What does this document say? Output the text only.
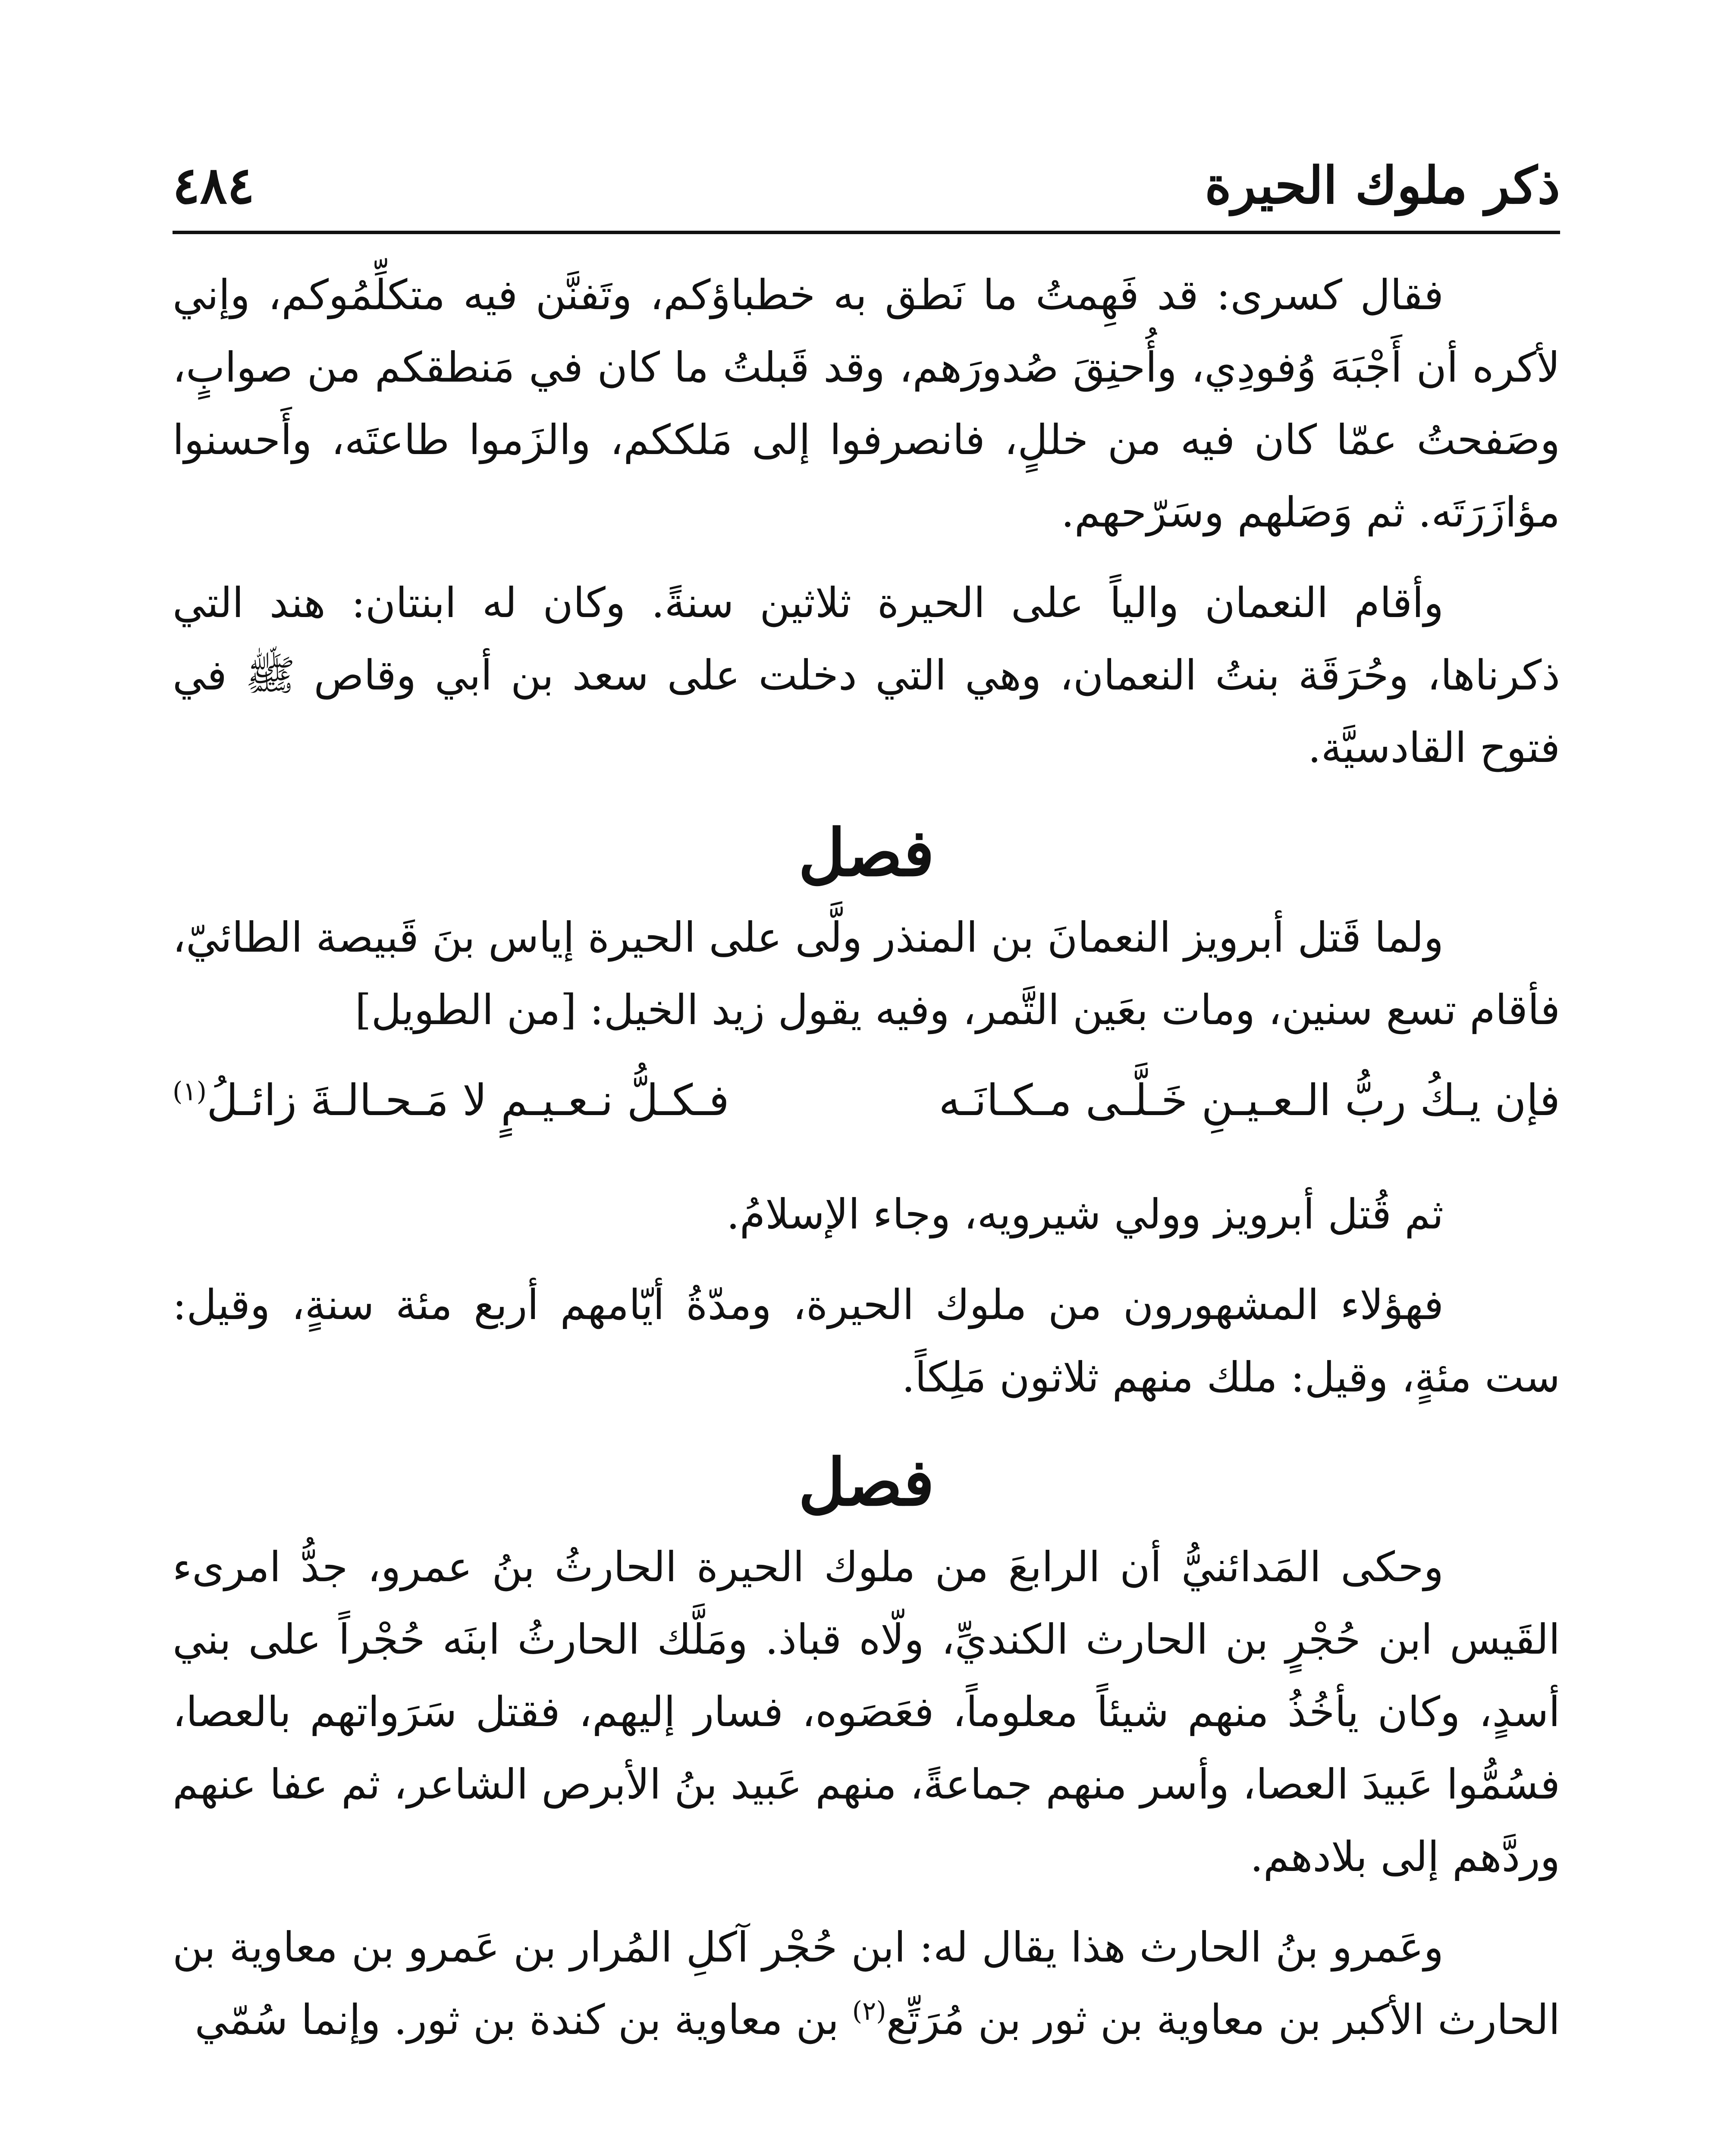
ذكر ملوك الحيرة
٤٨٤

فقال كسرى: قد فَهِمتُ ما نَطق به خطباؤكم، وتَفنَّن فيه متكلِّمُوكم، وإني لأكره أن أَجْبَهَ وُفودِي، وأُحنِقَ صُدورَهم، وقد قَبلتُ ما كان في مَنطقكم من صوابٍ، وصَفحتُ عمّا كان فيه من خللٍ، فانصرفوا إلى مَلككم، والزَموا طاعتَه، وأَحسنوا مؤازَرَتَه. ثم وَصَلهم وسَرّحهم.

وأقام النعمان والياً على الحيرة ثلاثين سنةً. وكان له ابنتان: هند التي ذكرناها، وحُرَقَة بنتُ النعمان، وهي التي دخلت على سعد بن أبي وقاص ﷺ في فتوح القادسيَّة.

فصل

ولما قَتل أبرويز النعمانَ بن المنذر ولَّى على الحيرة إياس بنَ قَبيصة الطائيّ، فأقام تسع سنين، ومات بعَين التَّمر، وفيه يقول زيد الخيل: [من الطويل]

فإن يـكُ ربُّ الـعـيـنِ خَـلَّـى مـكـانَـه
فـكـلُّ نـعـيـمٍ لا مَـحـالـةَ زائـلُ$^{(١)}$

ثم قُتل أبرويز وولي شيرويه، وجاء الإسلامُ.

فهؤلاء المشهورون من ملوك الحيرة، ومدّةُ أيّامهم أربع مئة سنةٍ، وقيل: ست مئةٍ، وقيل: ملك منهم ثلاثون مَلِكاً.

فصل

وحكى المَدائنيُّ أن الرابعَ من ملوك الحيرة الحارثُ بنُ عمرو، جدُّ امرىء القَيس ابن حُجْرٍ بن الحارث الكنديِّ، ولّاه قباذ. ومَلَّك الحارثُ ابنَه حُجْراً على بني أسدٍ، وكان يأخُذُ منهم شيئاً معلوماً، فعَصَوه، فسار إليهم، فقتل سَرَواتهم بالعصا، فسُمُّوا عَبيدَ العصا، وأسر منهم جماعةً، منهم عَبيد بنُ الأبرص الشاعر، ثم عفا عنهم وردَّهم إلى بلادهم.

وعَمرو بنُ الحارث هذا يقال له: ابن حُجْر آكلِ المُرار بن عَمرو بن معاوية بن الحارث الأكبر بن معاوية بن ثور بن مُرَتِّع$^{(٢)}$ بن معاوية بن كندة بن ثور. وإنما سُمّي
